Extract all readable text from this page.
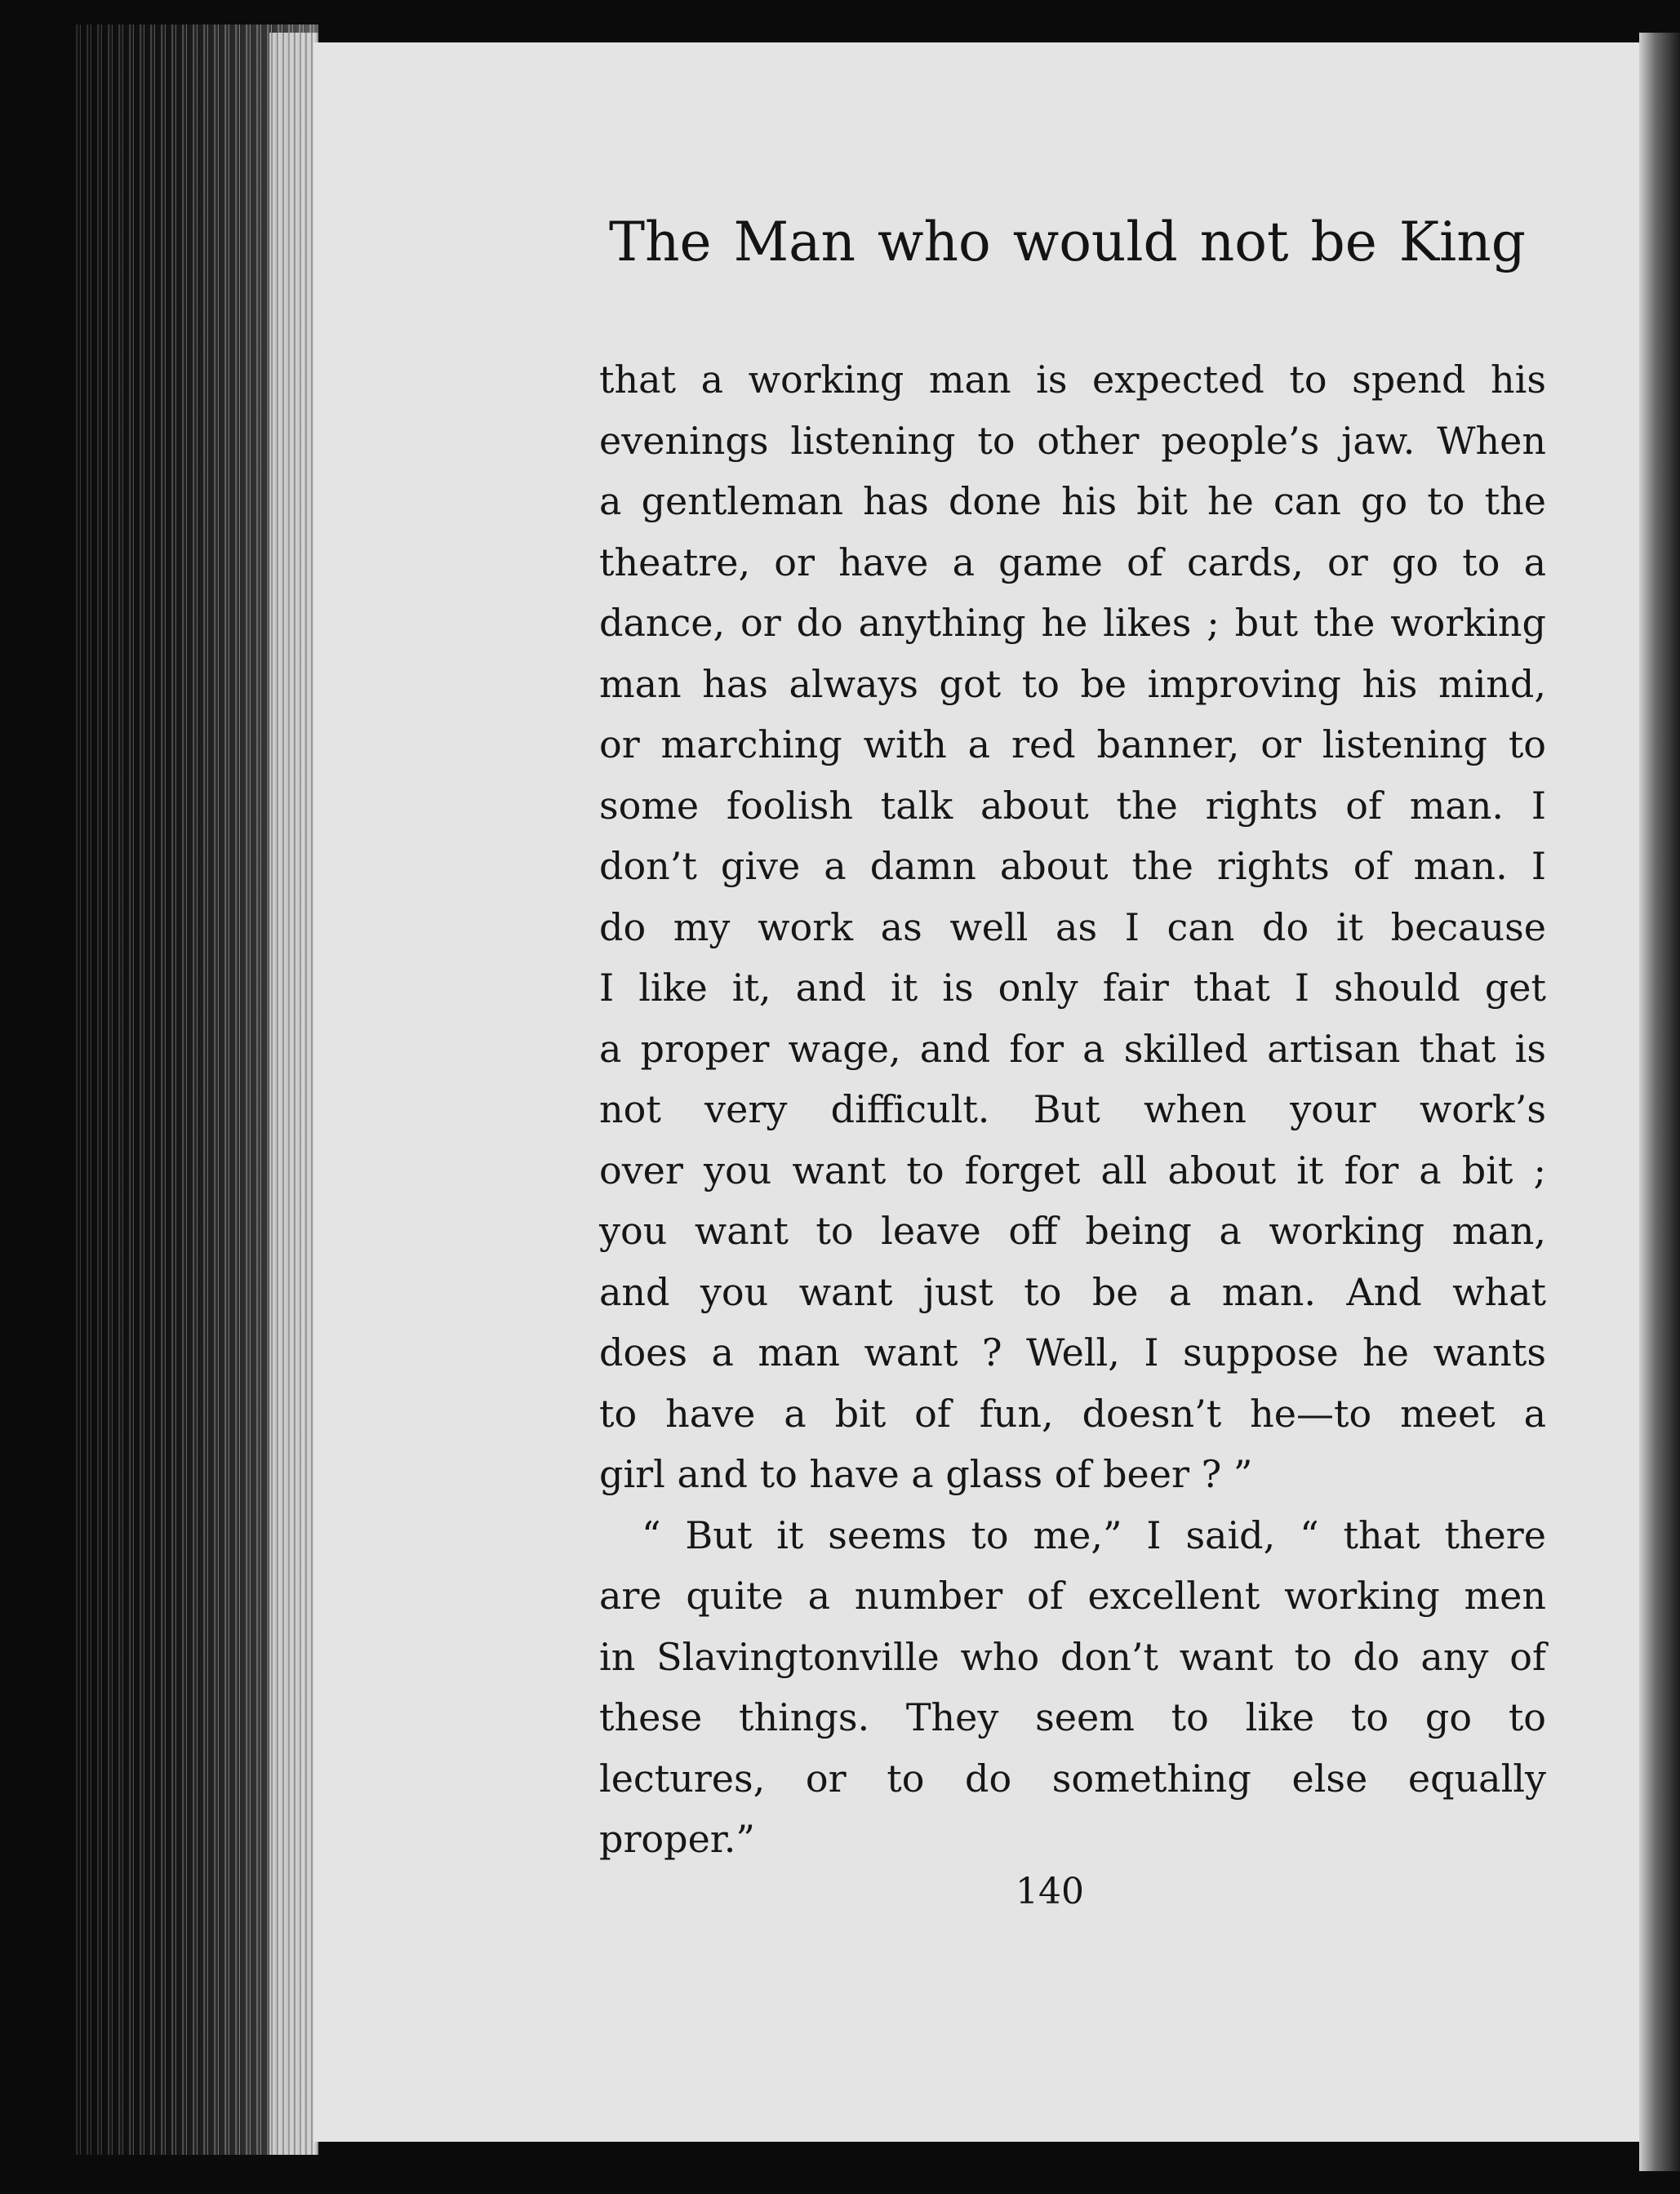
The Man who would not be King
that a working man is expected to spend his
evenings listening to other people’s jaw. When
a gentleman has done his bit he can go to the
theatre, or have a game of cards, or go to a
dance, or do anything he likes ; but the working
man has always got to be improving his mind,
or marching with a red banner, or listening to
some foolish talk about the rights of man. I
don’t give a damn about the rights of man. I
do my work as well as I can do it because
I like it, and it is only fair that I should get
a proper wage, and for a skilled artisan that is
not very difficult. But when your work’s
over you want to forget all about it for a bit ;
you want to leave off being a working man,
and you want just to be a man. And what
does a man want ? Well, I suppose he wants
to have a bit of fun, doesn’t he—to meet a
girl and to have a glass of beer ? ”
“ But it seems to me,” I said, “ that there
are quite a number of excellent working men
in Slavingtonville who don’t want to do any of
these things. They seem to like to go to
lectures, or to do something else equally
proper.”
140
